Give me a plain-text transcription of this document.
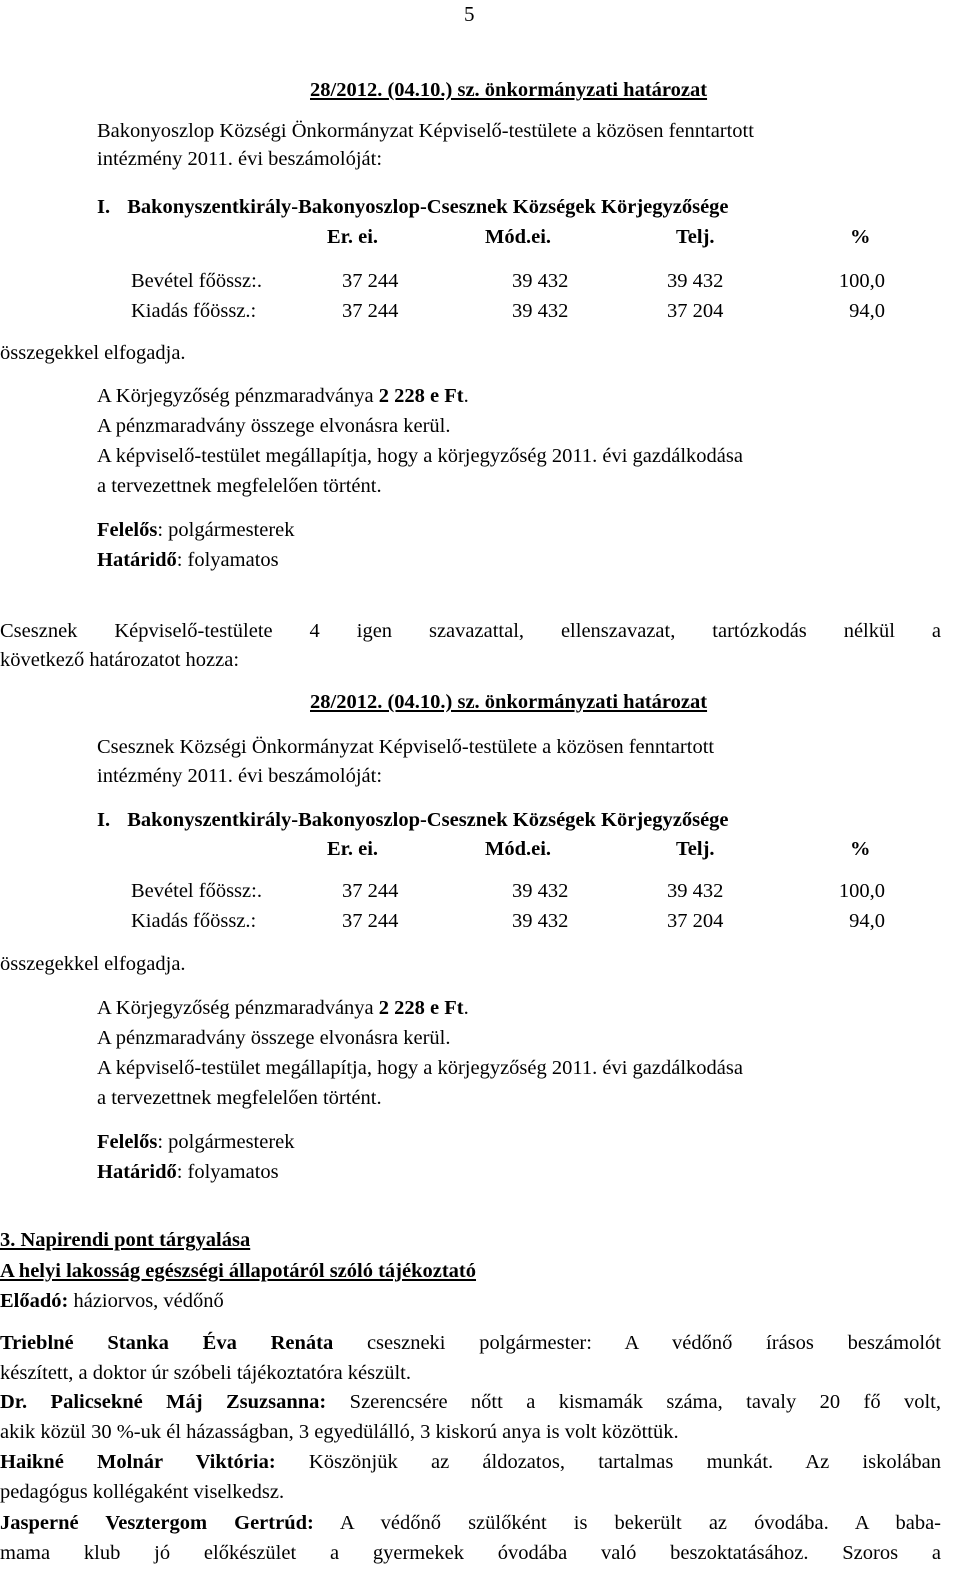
5
28/2012. (04.10.) sz. önkormányzati határozat
Bakonyoszlop Községi Önkormányzat Képviselő-testülete a közösen fenntartott
intézmény 2011. évi beszámolóját:
I. Bakonyszentkirály-Bakonyoszlop-Csesznek Községek Körjegyzősége
Er. ei.	Mód.ei.	Telj.	%
Bevétel főössz:.	37 244	39 432	39 432	100,0
Kiadás főössz.:	37 244	39 432	37 204	94,0
összegekkel elfogadja.
A Körjegyzőség pénzmaradványa 2 228 e Ft.
A pénzmaradvány összege elvonásra kerül.
A képviselő-testület megállapítja, hogy a körjegyzőség 2011. évi gazdálkodása
a tervezettnek megfelelően történt.
Felelős: polgármesterek
Határidő: folyamatos
Csesznek Képviselő-testülete 4 igen szavazattal, ellenszavazat, tartózkodás nélkül a
következő határozatot hozza:
28/2012. (04.10.) sz. önkormányzati határozat
Csesznek Községi Önkormányzat Képviselő-testülete a közösen fenntartott
intézmény 2011. évi beszámolóját:
I. Bakonyszentkirály-Bakonyoszlop-Csesznek Községek Körjegyzősége
Er. ei.	Mód.ei.	Telj.	%
Bevétel főössz:.	37 244	39 432	39 432	100,0
Kiadás főössz.:	37 244	39 432	37 204	94,0
összegekkel elfogadja.
A Körjegyzőség pénzmaradványa 2 228 e Ft.
A pénzmaradvány összege elvonásra kerül.
A képviselő-testület megállapítja, hogy a körjegyzőség 2011. évi gazdálkodása
a tervezettnek megfelelően történt.
Felelős: polgármesterek
Határidő: folyamatos
3. Napirendi pont tárgyalása
A helyi lakosság egészségi állapotáról szóló tájékoztató
Előadó: háziorvos, védőnő
Trieblné Stanka Éva Renáta cseszneki polgármester: A védőnő írásos beszámolót
készített, a doktor úr szóbeli tájékoztatóra készült.
Dr. Palicsekné Máj Zsuzsanna: Szerencsére nőtt a kismamák száma, tavaly 20 fő volt,
akik közül 30 %-uk él házasságban, 3 egyedülálló, 3 kiskorú anya is volt közöttük.
Haikné Molnár Viktória: Köszönjük az áldozatos, tartalmas munkát. Az iskolában
pedagógus kollégaként viselkedsz.
Jasperné Vesztergom Gertrúd: A védőnő szülőként is bekerült az óvodába. A baba-
mama klub jó előkészület a gyermekek óvodába való beszoktatásához. Szoros a
